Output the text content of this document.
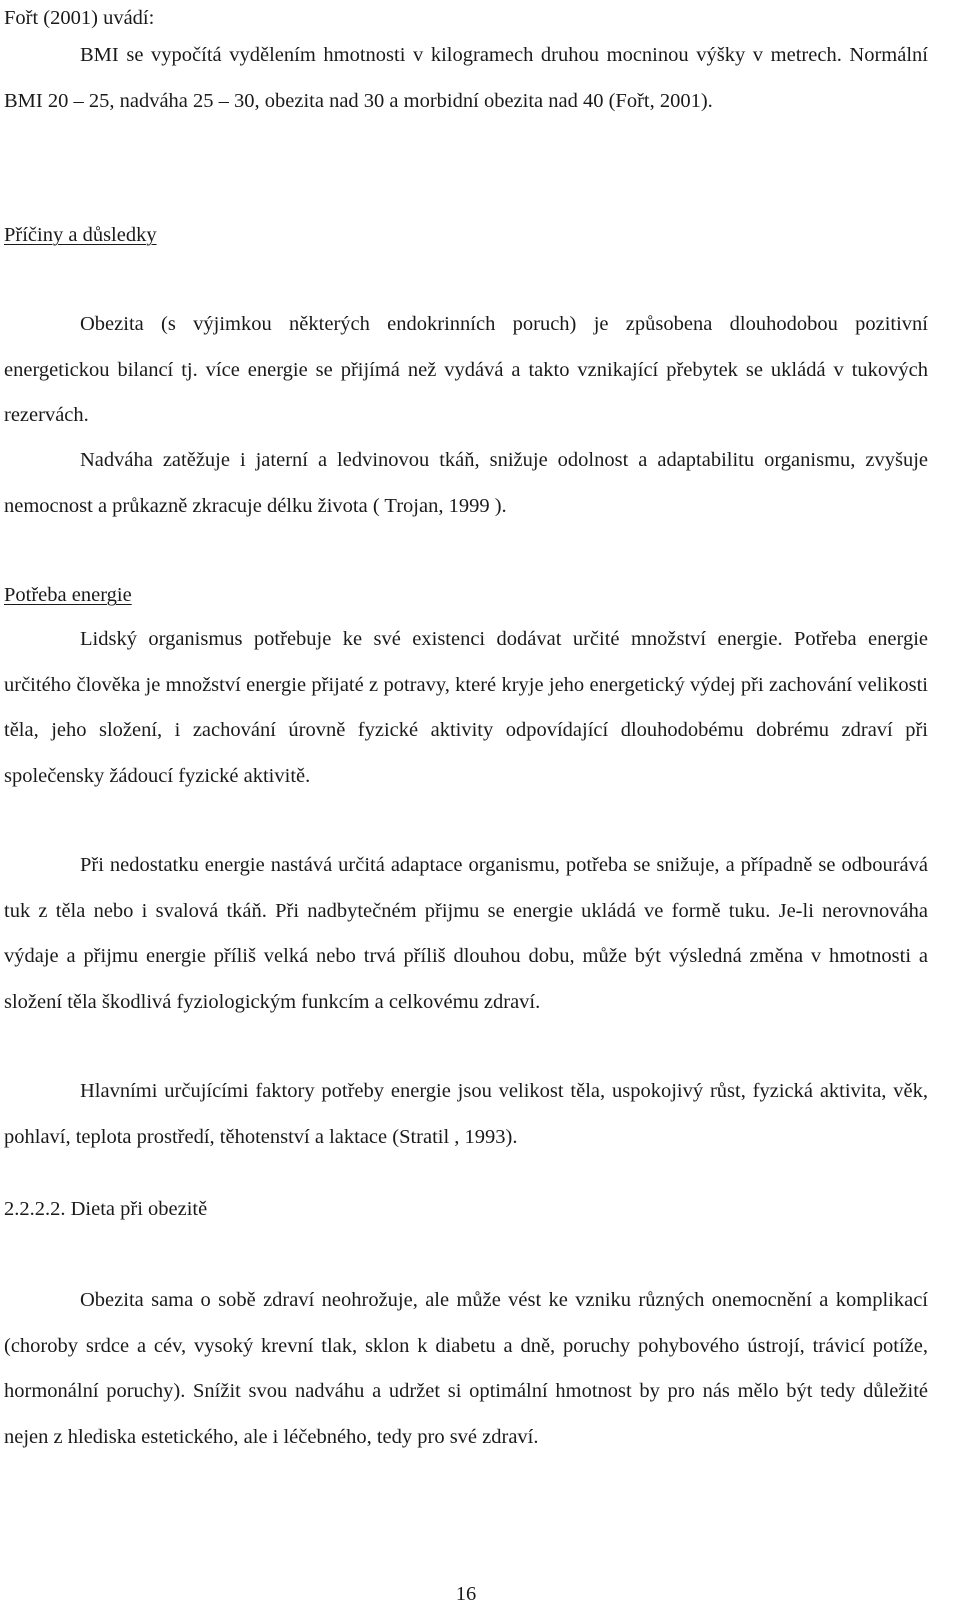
Fořt (2001) uvádí:

BMI se vypočítá vydělením hmotnosti v kilogramech druhou mocninou výšky v metrech. Normální BMI 20 – 25, nadváha 25 – 30, obezita nad 30 a morbidní obezita nad 40 (Fořt, 2001).

Příčiny a důsledky

Obezita (s výjimkou některých endokrinních poruch) je způsobena dlouhodobou pozitivní energetickou bilancí tj. více energie se přijímá než vydává a takto vznikající přebytek se ukládá v tukových rezervách.

Nadváha zatěžuje i jaterní a ledvinovou tkáň, snižuje odolnost a adaptabilitu organismu, zvyšuje nemocnost a průkazně zkracuje délku života ( Trojan, 1999 ).

Potřeba energie

Lidský organismus potřebuje ke své existenci dodávat určité množství energie. Potřeba energie určitého člověka je množství energie přijaté z potravy, které kryje jeho energetický výdej při zachování velikosti těla, jeho složení, i zachování úrovně fyzické aktivity odpovídající dlouhodobému dobrému zdraví při společensky žádoucí fyzické aktivitě.

Při nedostatku energie nastává určitá adaptace organismu, potřeba se snižuje, a případně se odbourává tuk z těla nebo i svalová tkáň. Při nadbytečném přijmu se energie ukládá ve formě tuku. Je-li nerovnováha výdaje a přijmu energie příliš velká nebo trvá příliš dlouhou dobu, může být výsledná změna v hmotnosti a složení těla škodlivá fyziologickým funkcím a celkovému zdraví.

Hlavními určujícími faktory potřeby energie jsou velikost těla, uspokojivý růst, fyzická aktivita, věk, pohlaví, teplota prostředí, těhotenství a laktace (Stratil , 1993).

2.2.2.2. Dieta při obezitě

Obezita sama o sobě zdraví neohrožuje, ale může vést ke vzniku různých onemocnění a komplikací (choroby srdce a cév, vysoký krevní tlak, sklon k diabetu a dně, poruchy pohybového ústrojí, trávicí potíže, hormonální poruchy). Snížit svou nadváhu a udržet si optimální hmotnost by pro nás mělo být tedy důležité nejen z hlediska estetického, ale i léčebného, tedy pro své zdraví.

16
